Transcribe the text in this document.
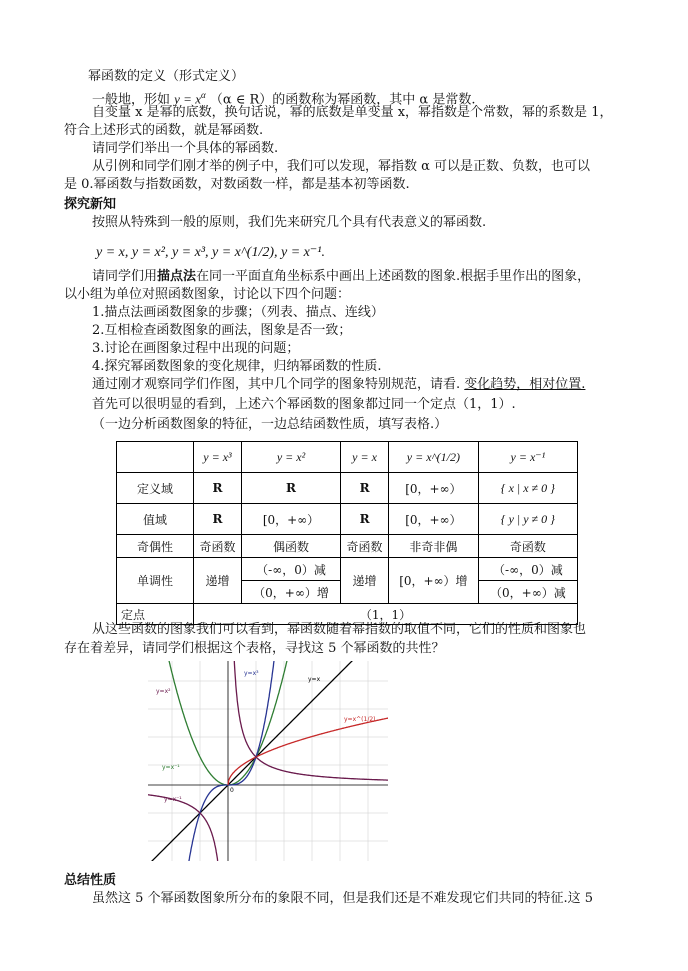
幂函数的定义（形式定义）
一般地，形如 $y = x^\alpha$ （α ∈ R）的函数称为幂函数，其中 α 是常数.
自变量 x 是幂的底数，换句话说，幂的底数是单变量 x，幂指数是个常数，幂的系数是 1，
符合上述形式的函数，就是幂函数.
请同学们举出一个具体的幂函数.
从引例和同学们刚才举的例子中，我们可以发现，幂指数 α 可以是正数、负数，也可以
是 0.幂函数与指数函数，对数函数一样，都是基本初等函数.
探究新知
按照从特殊到一般的原则，我们先来研究几个具有代表意义的幂函数.
y = x, y = x², y = x³, y = x^(1/2), y = x⁻¹.
请同学们用描点法在同一平面直角坐标系中画出上述函数的图象.根据手里作出的图象，
以小组为单位对照函数图象，讨论以下四个问题：
1.描点法画函数图象的步骤；（列表、描点、连线）
2.互相检查函数图象的画法，图象是否一致；
3.讨论在画图象过程中出现的问题；
4.探究幂函数图象的变化规律，归纳幂函数的性质.
通过刚才观察同学们作图，其中几个同学的图象特别规范，请看. 变化趋势，相对位置.
首先可以很明显的看到，上述六个幂函数的图象都过同一个定点（1，1）.
（一边分析函数图象的特征，一边总结函数性质，填写表格.）
	y = x³	y = x²	y = x	y = x^(1/2)	y = x⁻¹
定义域	R	R	R	[0，+∞）	{ x | x ≠ 0 }
值域	R	[0，+∞）	R	[0，+∞）	{ y | y ≠ 0 }
奇偶性	奇函数	偶函数	奇函数	非奇非偶	奇函数
单调性	递增	（-∞，0）减	递增	[0，+∞）增	（-∞，0）减
		（0，+∞）增			（0，+∞）减
定点	（1，1）				
从这些函数的图象我们可以看到，幂函数随着幂指数的取值不同，它们的性质和图象也
存在着差异，请同学们根据这个表格，寻找这 5 个幂函数的共性？
y=x²
y=x³
y=x
y=x^(1/2)
y=x⁻¹
y=x⁻¹
0
总结性质
虽然这 5 个幂函数图象所分布的象限不同，但是我们还是不难发现它们共同的特征.这 5
